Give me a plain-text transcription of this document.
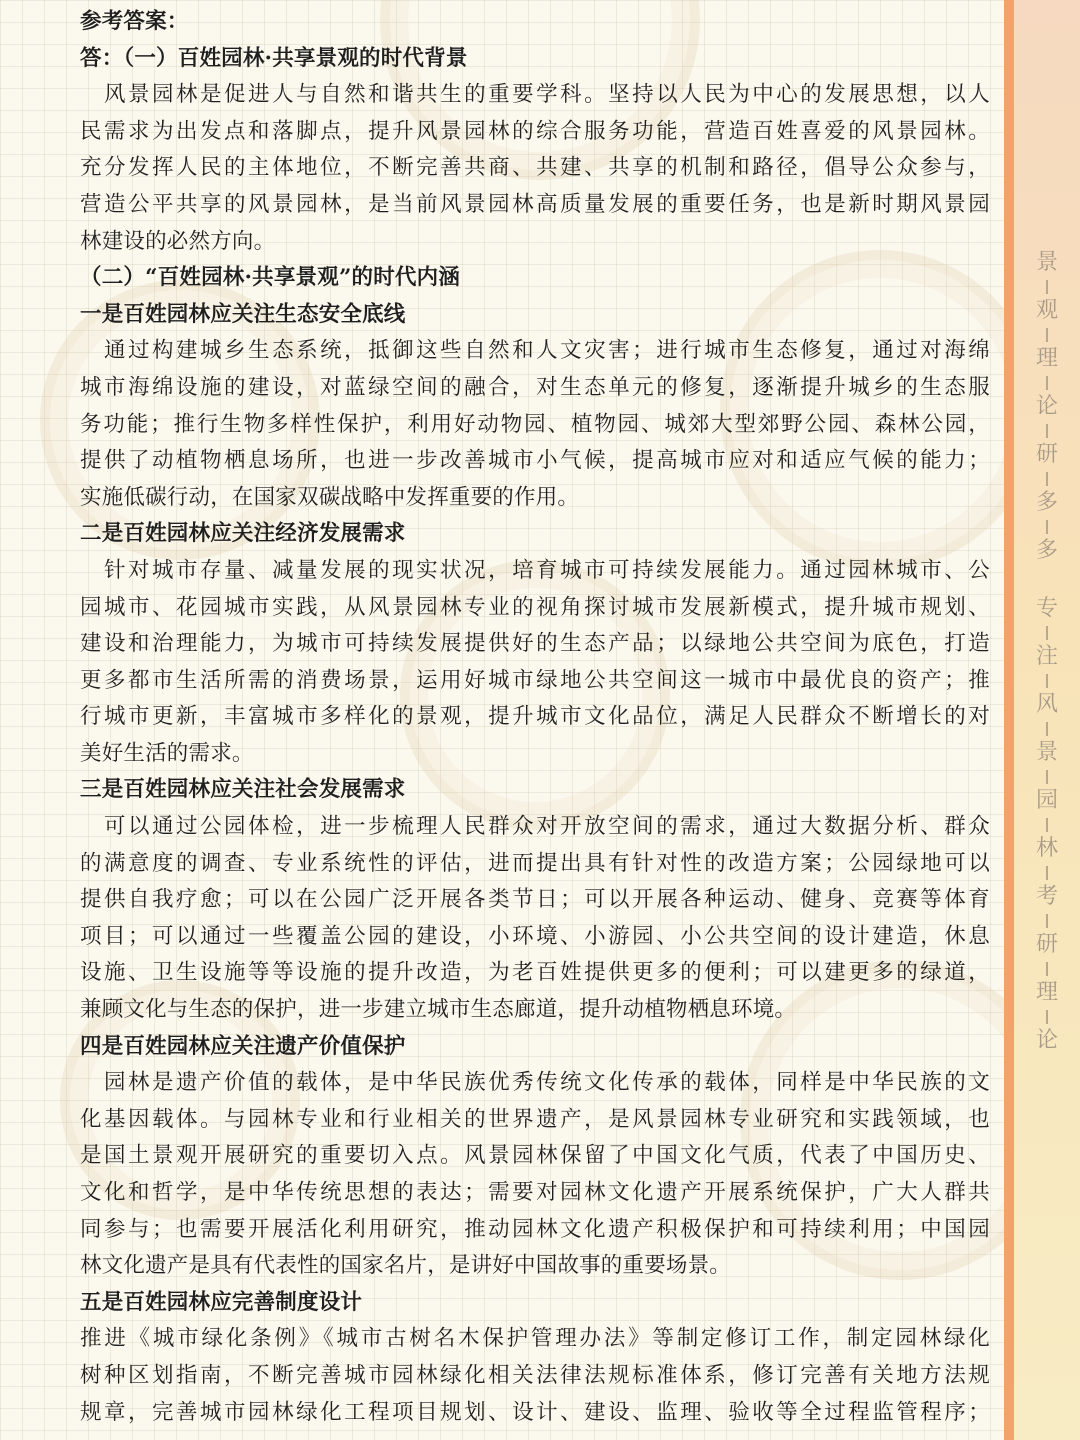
参考答案：
答：（一）百姓园林·共享景观的时代背景
　风景园林是促进人与自然和谐共生的重要学科。坚持以人民为中心的发展思想，以人
民需求为出发点和落脚点，提升风景园林的综合服务功能，营造百姓喜爱的风景园林。
充分发挥人民的主体地位，不断完善共商、共建、共享的机制和路径，倡导公众参与，
营造公平共享的风景园林，是当前风景园林高质量发展的重要任务，也是新时期风景园
林建设的必然方向。
（二）“百姓园林·共享景观”的时代内涵
一是百姓园林应关注生态安全底线
　通过构建城乡生态系统，抵御这些自然和人文灾害；进行城市生态修复，通过对海绵
城市海绵设施的建设，对蓝绿空间的融合，对生态单元的修复，逐渐提升城乡的生态服
务功能；推行生物多样性保护，利用好动物园、植物园、城郊大型郊野公园、森林公园，
提供了动植物栖息场所，也进一步改善城市小气候，提高城市应对和适应气候的能力；
实施低碳行动，在国家双碳战略中发挥重要的作用。
二是百姓园林应关注经济发展需求
　针对城市存量、减量发展的现实状况，培育城市可持续发展能力。通过园林城市、公
园城市、花园城市实践，从风景园林专业的视角探讨城市发展新模式，提升城市规划、
建设和治理能力，为城市可持续发展提供好的生态产品；以绿地公共空间为底色，打造
更多都市生活所需的消费场景，运用好城市绿地公共空间这一城市中最优良的资产；推
行城市更新，丰富城市多样化的景观，提升城市文化品位，满足人民群众不断增长的对
美好生活的需求。
三是百姓园林应关注社会发展需求
　可以通过公园体检，进一步梳理人民群众对开放空间的需求，通过大数据分析、群众
的满意度的调查、专业系统性的评估，进而提出具有针对性的改造方案；公园绿地可以
提供自我疗愈；可以在公园广泛开展各类节日；可以开展各种运动、健身、竞赛等体育
项目；可以通过一些覆盖公园的建设，小环境、小游园、小公共空间的设计建造，休息
设施、卫生设施等等设施的提升改造，为老百姓提供更多的便利；可以建更多的绿道，
兼顾文化与生态的保护，进一步建立城市生态廊道，提升动植物栖息环境。
四是百姓园林应关注遗产价值保护
　园林是遗产价值的载体，是中华民族优秀传统文化传承的载体，同样是中华民族的文
化基因载体。与园林专业和行业相关的世界遗产，是风景园林专业研究和实践领域，也
是国土景观开展研究的重要切入点。风景园林保留了中国文化气质，代表了中国历史、
文化和哲学，是中华传统思想的表达；需要对园林文化遗产开展系统保护，广大人群共
同参与；也需要开展活化利用研究，推动园林文化遗产积极保护和可持续利用；中国园
林文化遗产是具有代表性的国家名片，是讲好中国故事的重要场景。
五是百姓园林应完善制度设计
推进《城市绿化条例》《城市古树名木保护管理办法》等制定修订工作，制定园林绿化
树种区划指南，不断完善城市园林绿化相关法律法规标准体系，修订完善有关地方法规
规章，完善城市园林绿化工程项目规划、设计、建设、监理、验收等全过程监管程序；
景
观
理
论
研
多
多
专
注
风
景
园
林
考
研
理
论
